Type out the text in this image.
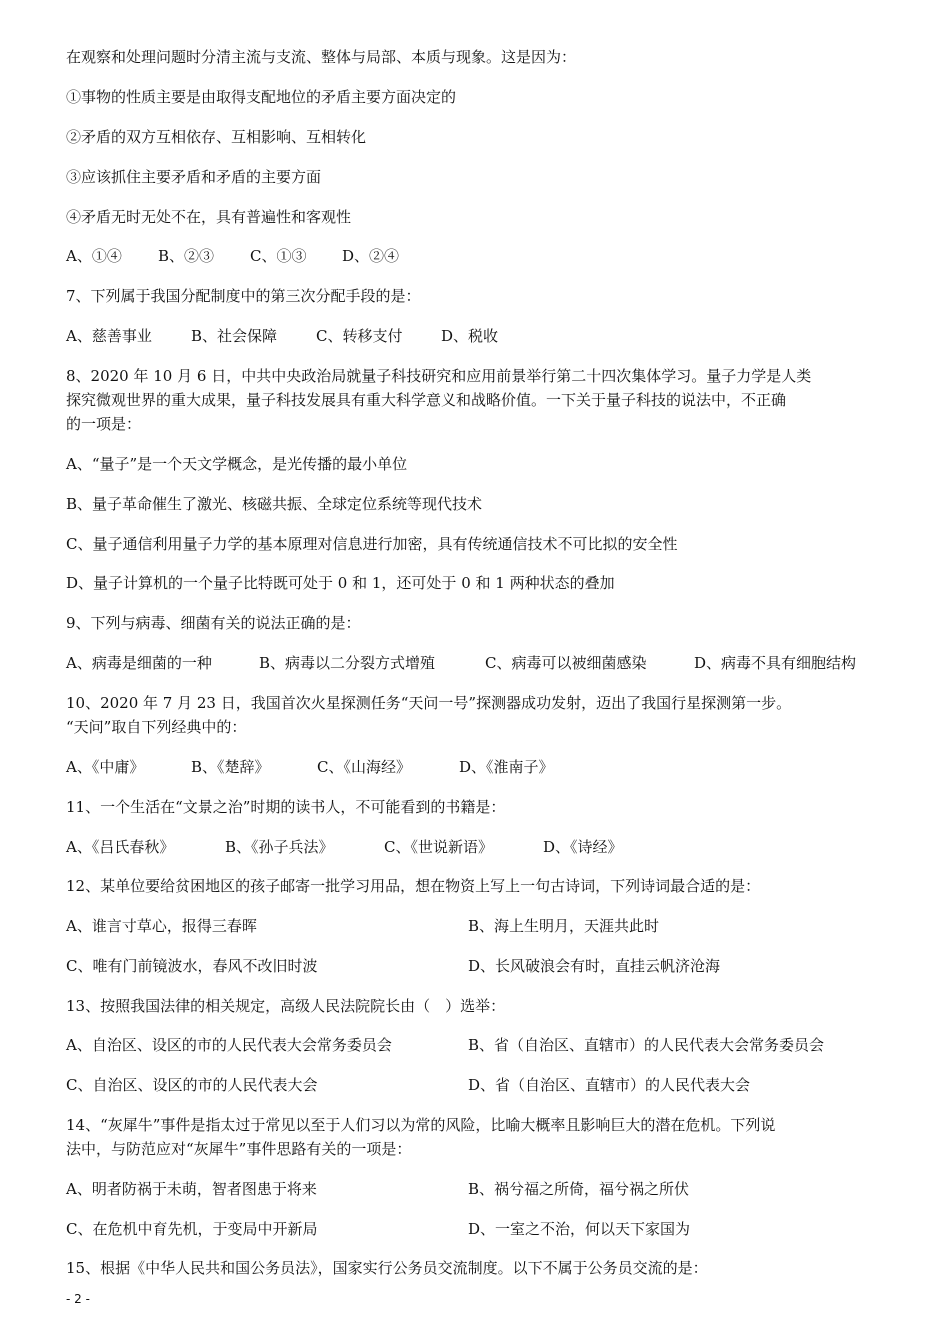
在观察和处理问题时分清主流与支流、整体与局部、本质与现象。这是因为：
①事物的性质主要是由取得支配地位的矛盾主要方面决定的
②矛盾的双方互相依存、互相影响、互相转化
③应该抓住主要矛盾和矛盾的主要方面
④矛盾无时无处不在，具有普遍性和客观性
A、①④ B、②③ C、①③ D、②④
7、下列属于我国分配制度中的第三次分配手段的是：
A、慈善事业	B、社会保障	C、转移支付	D、税收
8、2020 年 10 月 6 日，中共中央政治局就量子科技研究和应用前景举行第二十四次集体学习。量子力学是人类
探究微观世界的重大成果，量子科技发展具有重大科学意义和战略价值。一下关于量子科技的说法中，不正确
的一项是：
A、“量子”是一个天文学概念，是光传播的最小单位
B、量子革命催生了激光、核磁共振、全球定位系统等现代技术
C、量子通信利用量子力学的基本原理对信息进行加密，具有传统通信技术不可比拟的安全性
D、量子计算机的一个量子比特既可处于 0 和 1，还可处于 0 和 1 两种状态的叠加
9、下列与病毒、细菌有关的说法正确的是：
A、病毒是细菌的一种	B、病毒以二分裂方式增殖	C、病毒可以被细菌感染	D、病毒不具有细胞结构
10、2020 年 7 月 23 日，我国首次火星探测任务“天问一号”探测器成功发射，迈出了我国行星探测第一步。
“天问”取自下列经典中的：
A、《中庸》	B、《楚辞》	C、《山海经》	D、《淮南子》
11、一个生活在“文景之治”时期的读书人，不可能看到的书籍是：
A、《吕氏春秋》	B、《孙子兵法》	C、《世说新语》	D、《诗经》
12、某单位要给贫困地区的孩子邮寄一批学习用品，想在物资上写上一句古诗词，下列诗词最合适的是：
A、谁言寸草心，报得三春晖	B、海上生明月，天涯共此时
C、唯有门前镜波水，春风不改旧时波	D、长风破浪会有时，直挂云帆济沧海
13、按照我国法律的相关规定，高级人民法院院长由（　）选举：
A、自治区、设区的市的人民代表大会常务委员会	B、省（自治区、直辖市）的人民代表大会常务委员会
C、自治区、设区的市的人民代表大会	D、省（自治区、直辖市）的人民代表大会
14、“灰犀牛”事件是指太过于常见以至于人们习以为常的风险，比喻大概率且影响巨大的潜在危机。下列说
法中，与防范应对“灰犀牛”事件思路有关的一项是：
A、明者防祸于未萌，智者图患于将来	B、祸兮福之所倚，福兮祸之所伏
C、在危机中育先机，于变局中开新局	D、一室之不治，何以天下家国为
15、根据《中华人民共和国公务员法》，国家实行公务员交流制度。以下不属于公务员交流的是：
- 2 -
